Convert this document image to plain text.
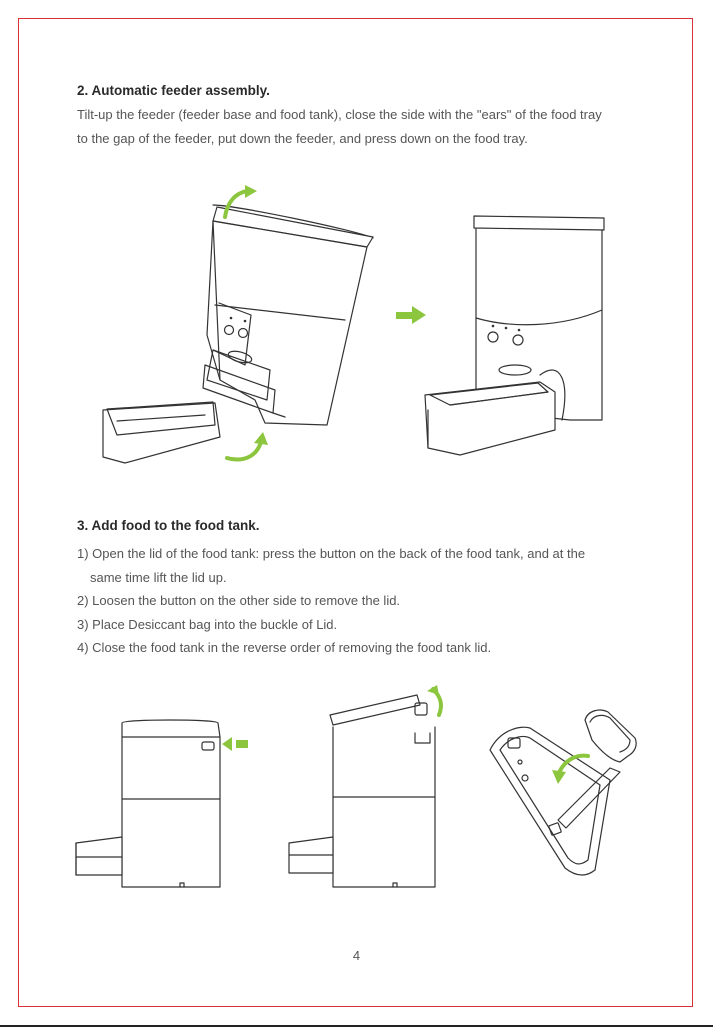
2. Automatic feeder assembly.

Tilt-up the feeder (feeder base and food tank), close the side with the "ears" of the food tray
to the gap of the feeder, put down the feeder, and press down on the food tray.

3. Add food to the food tank.
1) Open the lid of the food tank: press the button on the back of the food tank, and at the
same time lift the lid up.
2) Loosen the button on the other side to remove the lid.
3) Place Desiccant bag into the buckle of Lid.
4) Close the food tank in the reverse order of removing the food tank lid.
4
